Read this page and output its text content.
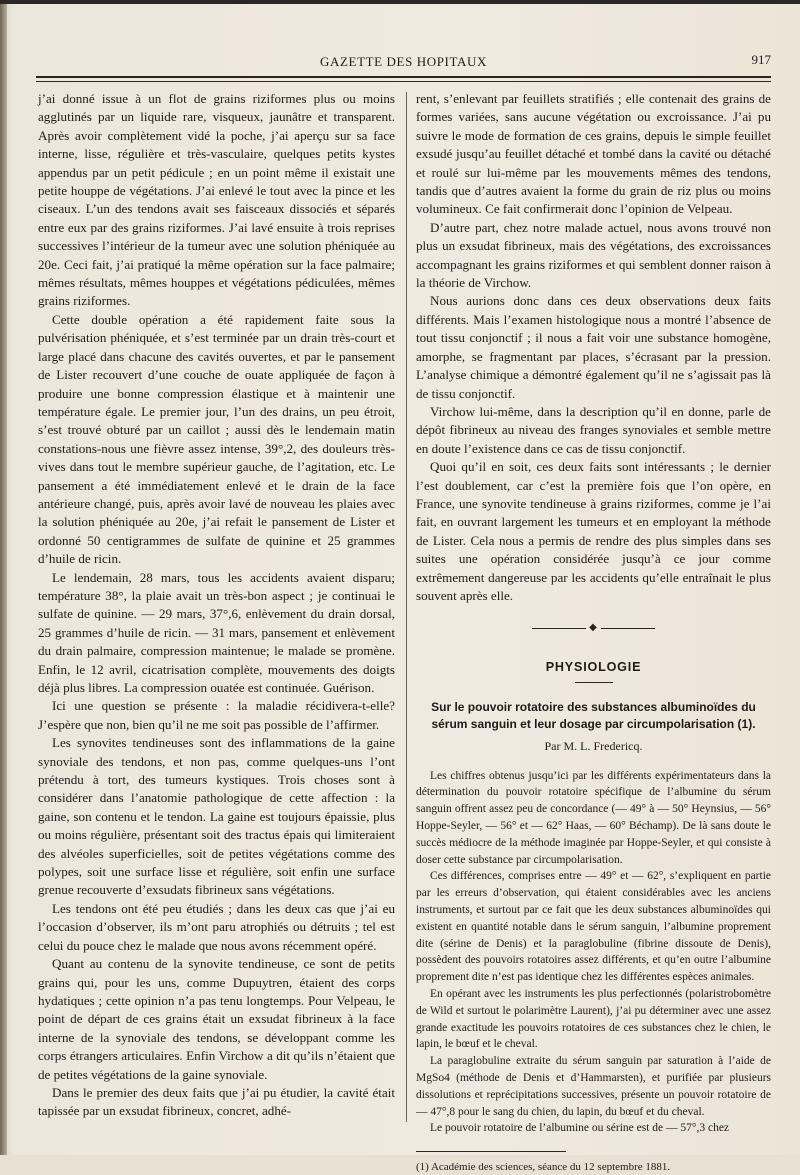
GAZETTE DES HOPITAUX	917

j’ai donné issue à un flot de grains riziformes plus ou moins agglutinés par un liquide rare, visqueux, jaunâtre et transparent. Après avoir complètement vidé la poche, j’ai aperçu sur sa face interne, lisse, régulière et très-vasculaire, quelques petits kystes appendus par un petit pédicule ; en un point même il existait une petite houppe de végétations. J’ai enlevé le tout avec la pince et les ciseaux. L’un des tendons avait ses faisceaux dissociés et séparés entre eux par des grains riziformes. J’ai lavé ensuite à trois reprises successives l’intérieur de la tumeur avec une solution phéniquée au 20e. Ceci fait, j’ai pratiqué la même opération sur la face palmaire; mêmes résultats, mêmes houppes et végétations pédiculées, mêmes grains riziformes.

Cette double opération a été rapidement faite sous la pulvérisation phéniquée, et s’est terminée par un drain très-court et large placé dans chacune des cavités ouvertes, et par le pansement de Lister recouvert d’une couche de ouate appliquée de façon à produire une bonne compression élastique et à maintenir une température égale. Le premier jour, l’un des drains, un peu étroit, s’est trouvé obturé par un caillot ; aussi dès le lendemain matin constations-nous une fièvre assez intense, 39°,2, des douleurs très-vives dans tout le membre supérieur gauche, de l’agitation, etc. Le pansement a été immédiatement enlevé et le drain de la face antérieure changé, puis, après avoir lavé de nouveau les plaies avec la solution phéniquée au 20e, j’ai refait le pansement de Lister et ordonné 50 centigrammes de sulfate de quinine et 25 grammes d’huile de ricin.

Le lendemain, 28 mars, tous les accidents avaient disparu; température 38°, la plaie avait un très-bon aspect ; je continuai le sulfate de quinine. — 29 mars, 37°,6, enlèvement du drain dorsal, 25 grammes d’huile de ricin. — 31 mars, pansement et enlèvement du drain palmaire, compression maintenue; le malade se promène. Enfin, le 12 avril, cicatrisation complète, mouvements des doigts déjà plus libres. La compression ouatée est continuée. Guérison.

Ici une question se présente : la maladie récidivera-t-elle? J’espère que non, bien qu’il ne me soit pas possible de l’affirmer.

Les synovites tendineuses sont des inflammations de la gaine synoviale des tendons, et non pas, comme quelques-uns l’ont prétendu à tort, des tumeurs kystiques. Trois choses sont à considérer dans l’anatomie pathologique de cette affection : la gaine, son contenu et le tendon. La gaine est toujours épaissie, plus ou moins régulière, présentant soit des tractus épais qui limiteraient des alvéoles superficielles, soit de petites végétations comme des polypes, soit une surface lisse et régulière, soit enfin une surface grenue recouverte d’exsudats fibrineux sans végétations.

Les tendons ont été peu étudiés ; dans les deux cas que j’ai eu l’occasion d’observer, ils m’ont paru atrophiés ou détruits ; tel est celui du pouce chez le malade que nous avons récemment opéré.

Quant au contenu de la synovite tendineuse, ce sont de petits grains qui, pour les uns, comme Dupuytren, étaient des corps hydatiques ; cette opinion n’a pas tenu longtemps. Pour Velpeau, le point de départ de ces grains était un exsudat fibrineux à la face interne de la synoviale des tendons, se développant comme les corps étrangers articulaires. Enfin Virchow a dit qu’ils n’étaient que de petites végétations de la gaine synoviale.

Dans le premier des deux faits que j’ai pu étudier, la cavité était tapissée par un exsudat fibrineux, concret, adhé-

rent, s’enlevant par feuillets stratifiés ; elle contenait des grains de formes variées, sans aucune végétation ou excroissance. J’ai pu suivre le mode de formation de ces grains, depuis le simple feuillet exsudé jusqu’au feuillet détaché et tombé dans la cavité ou détaché et roulé sur lui-même par les mouvements mêmes des tendons, tandis que d’autres avaient la forme du grain de riz plus ou moins volumineux. Ce fait confirmerait donc l’opinion de Velpeau.

D’autre part, chez notre malade actuel, nous avons trouvé non plus un exsudat fibrineux, mais des végétations, des excroissances accompagnant les grains riziformes et qui semblent donner raison à la théorie de Virchow.

Nous aurions donc dans ces deux observations deux faits différents. Mais l’examen histologique nous a montré l’absence de tout tissu conjonctif ; il nous a fait voir une substance homogène, amorphe, se fragmentant par places, s’écrasant par la pression. L’analyse chimique a démontré également qu’il ne s’agissait pas là de tissu conjonctif.

Virchow lui-même, dans la description qu’il en donne, parle de dépôt fibrineux au niveau des franges synoviales et semble mettre en doute l’existence dans ce cas de tissu conjonctif.

Quoi qu’il en soit, ces deux faits sont intéressants ; le dernier l’est doublement, car c’est la première fois que l’on opère, en France, une synovite tendineuse à grains riziformes, comme je l’ai fait, en ouvrant largement les tumeurs et en employant la méthode de Lister. Cela nous a permis de rendre des plus simples dans ses suites une opération considérée jusqu’à ce jour comme extrêmement dangereuse par les accidents qu’elle entraînait le plus souvent après elle.

◆
PHYSIOLOGIE
Sur le pouvoir rotatoire des substances albuminoïdes du sérum sanguin et leur dosage par circumpolarisation (1).
Par M. L. Fredericq.

Les chiffres obtenus jusqu’ici par les différents expérimentateurs dans la détermination du pouvoir rotatoire spécifique de l’albumine du sérum sanguin offrent assez peu de concordance (— 49° à — 50° Heynsius, — 56° Hoppe-Seyler, — 56° et — 62° Haas, — 60° Béchamp). De là sans doute le succès médiocre de la méthode imaginée par Hoppe-Seyler, et qui consiste à doser cette substance par circumpolarisation.

Ces différences, comprises entre — 49° et — 62°, s’expliquent en partie par les erreurs d’observation, qui étaient considérables avec les anciens instruments, et surtout par ce fait que les deux substances albuminoïdes qui existent en quantité notable dans le sérum sanguin, l’albumine proprement dite (sérine de Denis) et la paraglobuline (fibrine dissoute de Denis), possèdent des pouvoirs rotatoires assez différents, et qu’en outre l’albumine proprement dite n’est pas identique chez les différentes espèces animales.

En opérant avec les instruments les plus perfectionnés (polaristrobomètre de Wild et surtout le polarimètre Laurent), j’ai pu déterminer avec une assez grande exactitude les pouvoirs rotatoires de ces substances chez le chien, le lapin, le bœuf et le cheval.

La paraglobuline extraite du sérum sanguin par saturation à l’aide de MgSo4 (méthode de Denis et d’Hammarsten), et purifiée par plusieurs dissolutions et reprécipitations successives, présente un pouvoir rotatoire de — 47°,8 pour le sang du chien, du lapin, du bœuf et du cheval.

Le pouvoir rotatoire de l’albumine ou sérine est de — 57°,3 chez

(1) Académie des sciences, séance du 12 septembre 1881.
